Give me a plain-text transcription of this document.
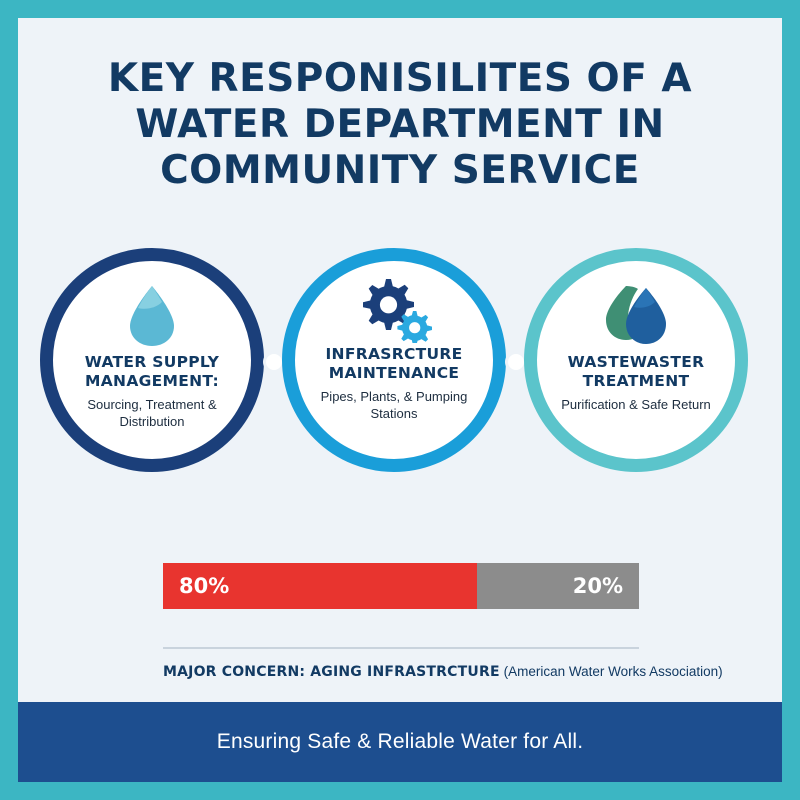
KEY RESPONISILITES OF A
WATER DEPARTMENT IN
COMMUNITY SERVICE
WATER SUPPLY MANAGEMENT:
Sourcing, Treatment & Distribution
INFRASRCTURE MAINTENANCE
Pipes, Plants, & Pumping Stations
WASTEWASTER TREATMENT
Purification & Safe Return
80%	20%
MAJOR CONCERN: AGING INFRASTRCTURE (American Water Works Association)
Ensuring Safe & Reliable Water for All.
